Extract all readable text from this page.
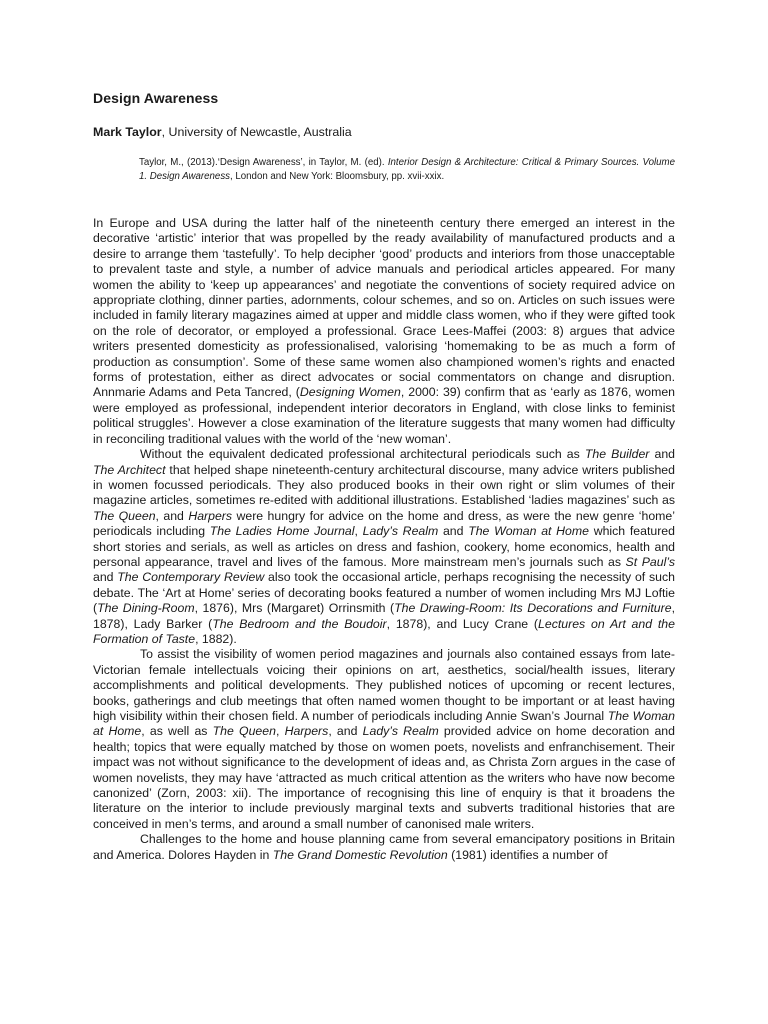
Design Awareness
Mark Taylor, University of Newcastle, Australia
Taylor, M., (2013).‘Design Awareness’, in Taylor, M. (ed). Interior Design & Architecture: Critical & Primary Sources. Volume 1. Design Awareness, London and New York: Bloomsbury, pp. xvii-xxix.

In Europe and USA during the latter half of the nineteenth century there emerged an interest in the decorative ‘artistic’ interior that was propelled by the ready availability of manufactured products and a desire to arrange them ‘tastefully’. To help decipher ‘good’ products and interiors from those unacceptable to prevalent taste and style, a number of advice manuals and periodical articles appeared. For many women the ability to ‘keep up appearances’ and negotiate the conventions of society required advice on appropriate clothing, dinner parties, adornments, colour schemes, and so on. Articles on such issues were included in family literary magazines aimed at upper and middle class women, who if they were gifted took on the role of decorator, or employed a professional. Grace Lees-Maffei (2003: 8) argues that advice writers presented domesticity as professionalised, valorising ‘homemaking to be as much a form of production as consumption’. Some of these same women also championed women’s rights and enacted forms of protestation, either as direct advocates or social commentators on change and disruption. Annmarie Adams and Peta Tancred, (Designing Women, 2000: 39) confirm that as ‘early as 1876, women were employed as professional, independent interior decorators in England, with close links to feminist political struggles’. However a close examination of the literature suggests that many women had difficulty in reconciling traditional values with the world of the ‘new woman’.

Without the equivalent dedicated professional architectural periodicals such as The Builder and The Architect that helped shape nineteenth-century architectural discourse, many advice writers published in women focussed periodicals. They also produced books in their own right or slim volumes of their magazine articles, sometimes re-edited with additional illustrations. Established ‘ladies magazines’ such as The Queen, and Harpers were hungry for advice on the home and dress, as were the new genre ‘home’ periodicals including The Ladies Home Journal, Lady’s Realm and The Woman at Home which featured short stories and serials, as well as articles on dress and fashion, cookery, home economics, health and personal appearance, travel and lives of the famous. More mainstream men’s journals such as St Paul’s and The Contemporary Review also took the occasional article, perhaps recognising the necessity of such debate. The ‘Art at Home’ series of decorating books featured a number of women including Mrs MJ Loftie (The Dining-Room, 1876), Mrs (Margaret) Orrinsmith (The Drawing-Room: Its Decorations and Furniture, 1878), Lady Barker (The Bedroom and the Boudoir, 1878), and Lucy Crane (Lectures on Art and the Formation of Taste, 1882).

To assist the visibility of women period magazines and journals also contained essays from late-Victorian female intellectuals voicing their opinions on art, aesthetics, social/health issues, literary accomplishments and political developments. They published notices of upcoming or recent lectures, books, gatherings and club meetings that often named women thought to be important or at least having high visibility within their chosen field. A number of periodicals including Annie Swan’s Journal The Woman at Home, as well as The Queen, Harpers, and Lady’s Realm provided advice on home decoration and health; topics that were equally matched by those on women poets, novelists and enfranchisement. Their impact was not without significance to the development of ideas and, as Christa Zorn argues in the case of women novelists, they may have ‘attracted as much critical attention as the writers who have now become canonized’ (Zorn, 2003: xii). The importance of recognising this line of enquiry is that it broadens the literature on the interior to include previously marginal texts and subverts traditional histories that are conceived in men’s terms, and around a small number of canonised male writers.

Challenges to the home and house planning came from several emancipatory positions in Britain and America. Dolores Hayden in The Grand Domestic Revolution (1981) identifies a number of
